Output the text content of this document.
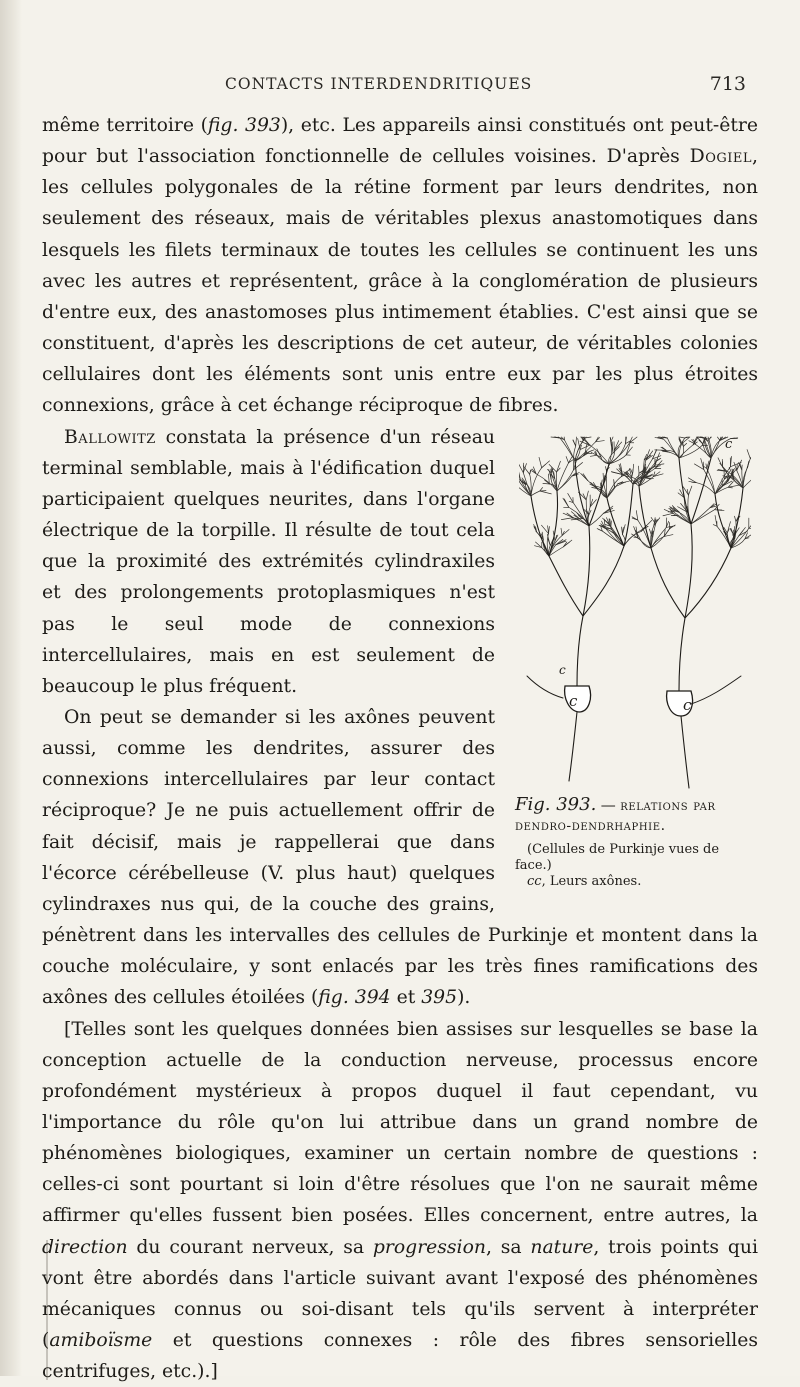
CONTACTS INTERDENDRITIQUES	713

même territoire (fig. 393), etc. Les appareils ainsi constitués ont peut-être pour but l'association fonctionnelle de cellules voisines. D'après Dogiel, les cellules polygonales de la rétine forment par leurs dendrites, non seulement des réseaux, mais de véritables plexus anastomotiques dans lesquels les filets terminaux de toutes les cellules se continuent les uns avec les autres et représentent, grâce à la conglomération de plusieurs d'entre eux, des anastomoses plus intimement établies. C'est ainsi que se constituent, d'après les descriptions de cet auteur, de véritables colonies cellulaires dont les éléments sont unis entre eux par les plus étroites connexions, grâce à cet échange réciproque de fibres.

c	c
c
c
Fig. 393. — relations par dendro-dendrhaphie.
(Cellules de Purkinje vues de face.)
cc, Leurs axônes.

Ballowitz constata la présence d'un réseau terminal semblable, mais à l'édification duquel participaient quelques neurites, dans l'organe électrique de la torpille. Il résulte de tout cela que la proximité des extrémités cylindraxiles et des prolongements protoplasmiques n'est pas le seul mode de connexions intercellulaires, mais en est seulement de beaucoup le plus fréquent.

On peut se demander si les axônes peuvent aussi, comme les dendrites, assurer des connexions intercellulaires par leur contact réciproque? Je ne puis actuellement offrir de fait décisif, mais je rappellerai que dans l'écorce cérébelleuse (V. plus haut) quelques cylindraxes nus qui, de la couche des grains, pénètrent dans les intervalles des cellules de Purkinje et montent dans la couche moléculaire, y sont enlacés par les très fines ramifications des axônes des cellules étoilées (fig. 394 et 395).

[Telles sont les quelques données bien assises sur lesquelles se base la conception actuelle de la conduction nerveuse, processus encore profondément mystérieux à propos duquel il faut cependant, vu l'importance du rôle qu'on lui attribue dans un grand nombre de phénomènes biologiques, examiner un certain nombre de questions : celles-ci sont pourtant si loin d'être résolues que l'on ne saurait même affirmer qu'elles fussent bien posées. Elles concernent, entre autres, la direction du courant nerveux, sa progression, sa nature, trois points qui vont être abordés dans l'article suivant avant l'exposé des phénomènes mécaniques connus ou soi-disant tels qu'ils servent à interpréter (amiboïsme et questions connexes : rôle des fibres sensorielles centrifuges, etc.).]
